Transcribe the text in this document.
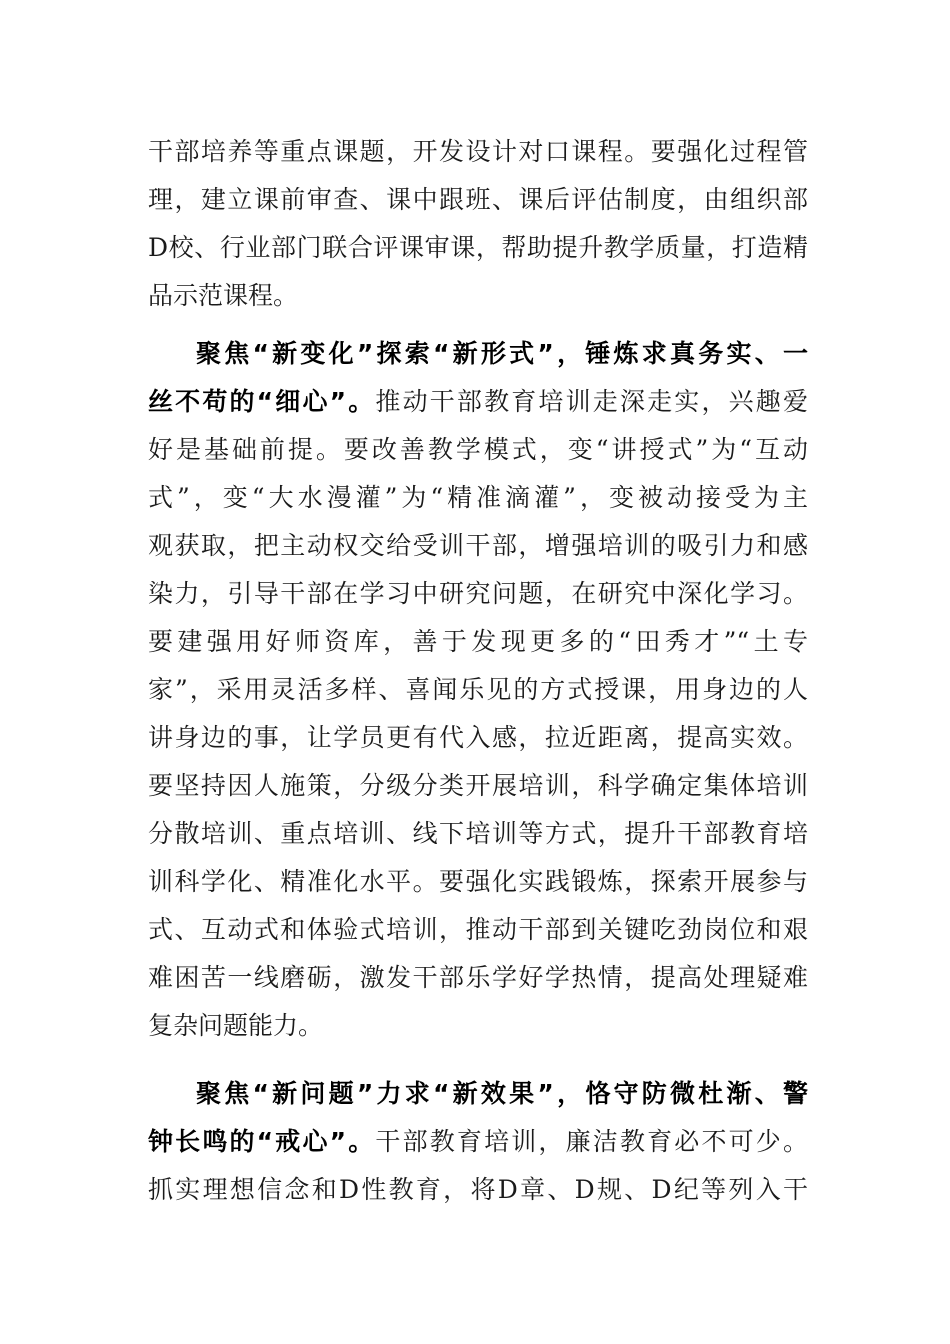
干部培养等重点课题，开发设计对口课程。要强化过程管
理，建立课前审查、课中跟班、课后评估制度，由组织部
D校、行业部门联合评课审课，帮助提升教学质量，打造精
品示范课程。
聚焦“新变化”探索“新形式”，锤炼求真务实、一
丝不苟的“细心”。推动干部教育培训走深走实，兴趣爱
好是基础前提。要改善教学模式，变“讲授式”为“互动
式”，变“大水漫灌”为“精准滴灌”，变被动接受为主
观获取，把主动权交给受训干部，增强培训的吸引力和感
染力，引导干部在学习中研究问题，在研究中深化学习。
要建强用好师资库，善于发现更多的“田秀才”“土专
家”，采用灵活多样、喜闻乐见的方式授课，用身边的人
讲身边的事，让学员更有代入感，拉近距离，提高实效。
要坚持因人施策，分级分类开展培训，科学确定集体培训
分散培训、重点培训、线下培训等方式，提升干部教育培
训科学化、精准化水平。要强化实践锻炼，探索开展参与
式、互动式和体验式培训，推动干部到关键吃劲岗位和艰
难困苦一线磨砺，激发干部乐学好学热情，提高处理疑难
复杂问题能力。
聚焦“新问题”力求“新效果”，恪守防微杜渐、警
钟长鸣的“戒心”。干部教育培训，廉洁教育必不可少。
抓实理想信念和D性教育，将D章、D规、D纪等列入干
